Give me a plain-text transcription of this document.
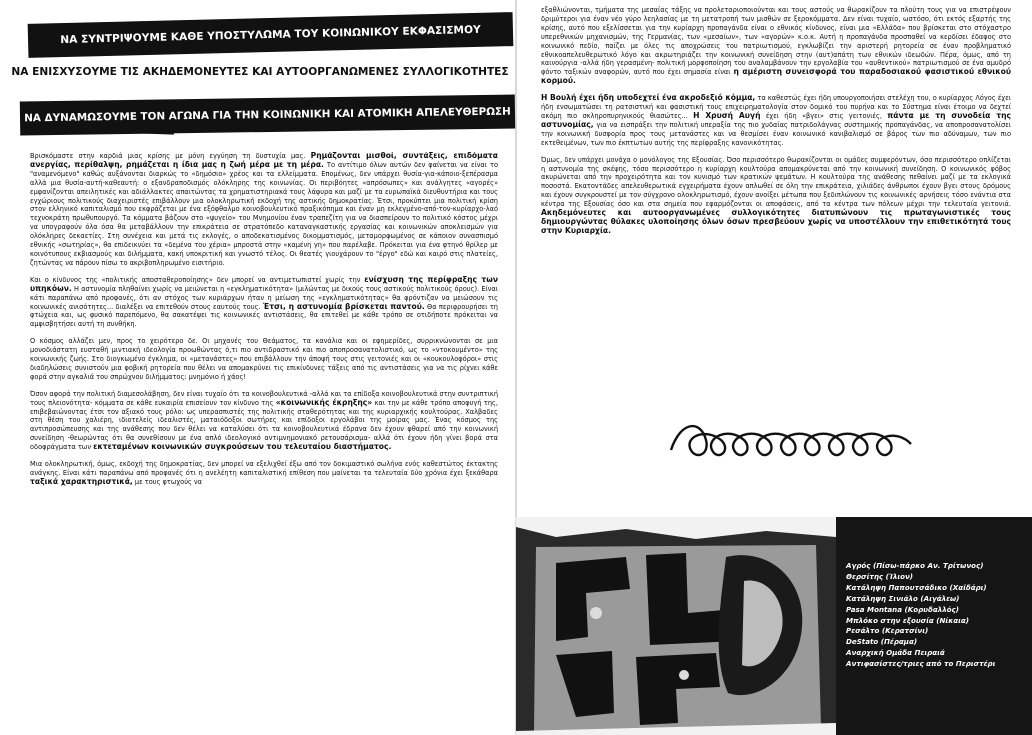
ΝΑ ΣΥΝΤΡΙΨΟΥΜΕ ΚΑΘΕ ΥΠΟΣΤΥΛΩΜΑ ΤΟΥ ΚΟΙΝΩΝΙΚΟΥ ΕΚΦΑΣΙΣΜΟΥ
ΝΑ ΕΝΙΣΧΥΣΟΥΜΕ ΤΙΣ ΑΚΗΔΕΜΟΝΕΥΤΕΣ ΚΑΙ ΑΥΤΟΟΡΓΑΝΩΜΕΝΕΣ ΣΥΛΛΟΓΙΚΟΤΗΤΕΣ
ΝΑ ΔΥΝΑΜΩΣΟΥΜΕ ΤΟΝ ΑΓΩΝΑ ΓΙΑ ΤΗΝ ΚΟΙΝΩΝΙΚΗ ΚΑΙ ΑΤΟΜΙΚΗ ΑΠΕΛΕΥΘΕΡΩΣΗ

Βρισκόμαστε στην καρδιά μιας κρίσης με μόνη εγγύηση τη δυστυχία μας. Ρημάζονται μισθοί, συντάξεις, επιδόματα ανεργίας, περίθαλψη, ρημάζεται η ίδια μας η ζωή μέρα με τη μέρα. Το αντίτιμο όλων αυτών δεν φαίνεται να είναι το "αναμενόμενο" καθώς αυξάνονται διαρκώς το «δημόσιο» χρέος και τα ελλείμματα. Επομένως, δεν υπάρχει θυσία-για-κάποιο-ξεπέρασμα αλλά μια θυσία-αυτή-καθεαυτή: ο εξανδραποδισμός ολόκληρης της κοινωνίας. Οι περιβόητες «απρόσωπες» και ανάλγητες «αγορές» εμφανίζονται απειλητικές και αδιάλλακτες απαιτώντας τα χρηματιστηριακά τους λάφυρα και μαζί με τα ευρωπαϊκά διευθυντήρια και τους εγχώριους πολιτικούς διαχειριστές επιβάλλουν μια ολοκληρωτική εκδοχή της αστικής δημοκρατίας. Έτσι, προκύπτει μια πολιτική κρίση στον ελληνικό καπιταλισμό που εκφράζεται με ένα εξόφθαλμο κοινοβουλευτικό πραξικόπημα και έναν μη εκλεγμένο-από-τον-κυρίαρχο-λαό τεχνοκράτη πρωθυπουργό. Τα κόμματα βάζουν στο «ψυγείο» του Μνημονίου έναν τραπεζίτη για να διασπείρουν το πολιτικό κόστος μέχρι να υπογραφούν όλα όσα θα μεταβάλλουν την επικράτεια σε στρατόπεδο καταναγκαστικής εργασίας και κοινωνικών αποκλεισμών για ολόκληρες δεκαετίες. Στη συνέχεια και μετά τις εκλογές, ο αποδεκατισμένος δικομματισμός, μεταμορφωμένος σε κάποιον συνασπισμό εθνικής «σωτηρίας», θα επιδεικνύει τα «δεμένα του χέρια» μπροστά στην «καμένη γη» που παρέλαβε. Πρόκειται για ένα φτηνό θρίλερ με κοινότυπους εκβιασμούς και διλήμματα, κακή υποκριτική και γνωστό τέλος. Οι θεατές γιουχάρουν το "έργο" εδώ και καιρό στις πλατείες, ζητώντας να πάρουν πίσω το ακριβοπληρωμένο εισιτήριο.

Και ο κίνδυνος της «πολιτικής αποσταθεροποίησης» δεν μπορεί να αντιμετωπιστεί χωρίς την ενίσχυση της περίφραξης των υπηκόων. Η αστυνομία πληθαίνει χωρίς να μειώνεται η «εγκληματικότητα» (μιλώντας με δικούς τους αστικούς πολιτικούς όρους). Είναι κάτι παραπάνω από προφανές, ότι αν στόχος των κυριάρχων ήταν η μείωση της «εγκληματικότητας» θα φρόντιζαν να μειώσουν τις κοινωνικές ανισότητες... διαλέξει να επιτεθούν στους εαυτούς τους. Έτσι, η αστυνομία βρίσκεται παντού. Θα περιφρουρήσει τη φτώχεια και, ως φυσικό παρεπόμενο, θα σακατέψει τις κοινωνικές αντιστάσεις, θα επιτεθεί με κάθε τρόπο σε οτιδήποτε πρόκειται να αμφισβητήσει αυτή τη συνθήκη.

Ο κόσμος αλλάζει μεν, προς το χειρότερο δε. Οι μηχανές του Θεάματος, τα κανάλια και οι εφημερίδες, συρρικνώνονται σε μια μονοδιάστατη ευσταθή μιντιακή ιδεολογία προωθώντας ό,τι πιο αντιδραστικό και πιο αποπροσανατολιστικό, ως το «ντοκουμέντο» της κοινωνικής ζωής. Στο διογκωμένο έγκλημα, οι «μετανάστες» που επιβάλλουν την άποψή τους στις γειτονιές και οι «κουκουλοφόροι» στις διαδηλώσεις συνιστούν μια φοβική ρητορεία που θέλει να απομακρύνει τις επικίνδυνες τάξεις από τις αντιστάσεις για να τις ρίχνει κάθε φορά στην αγκαλιά του σπρώχνου διλήμματος: μνημόνιο ή χάος!

Όσον αφορά την πολιτική διαμεσολάβηση, δεν είναι τυχαίο ότι τα κοινοβουλευτικά -αλλά και τα επίδοξα κοινοβουλευτικά στην συντριπτική τους πλειονότητα- κόμματα σε κάθε ευκαιρία επισείουν τον κίνδυνο της «κοινωνικής έκρηξης» και την με κάθε τρόπο αποφυγή της, επιβεβαιώνοντας έτσι τον αξιακό τους ρόλο: ως υπερασπιστές της πολιτικής σταθερότητας και της κυριαρχικής κουλτούρας. Χαλβαδες στη θέση του χαλιέρη, ιδιοτελείς ιδεαλιστές, ματαιόδοξοι σωτήρες και επίδοξοι εργολάβοι της μοίρας μας. Ένας κόσμος της αντιπροσώπευσης και της ανάθεσης που δεν θέλει να καταλύσει ότι τα κοινοβουλευτικά έδρανα δεν έχουν φθαρεί από την κοινωνική συνείδηση -θεωρώντας ότι θα συνεθίσουν με ένα απλό ιδεολογικό αντιμνημονιακό ρετουσάρισμα- αλλά ότι έχουν ήδη γίνει βορά στα οδοφράγματα των εκτεταμένων κοινωνικών συγκρούσεων του τελευταίου διαστήματος.

Μια ολοκληρωτική, όμως, εκδοχή της δημοκρατίας, δεν μπορεί να εξελιχθεί έξω από τον δοκιμαστικό σωλήνα ενός καθεστώτος έκτακτης ανάγκης. Είναι κάτι παραπάνω από προφανές ότι η ανελέητη καπιταλιστική επίθεση που μαίνεται τα τελευταία δύο χρόνια έχει ξεκάθαρα ταξικά χαρακτηριστικά, με τους φτωχούς να

εξαθλιώνονται, τμήματα της μεσαίας τάξης να προλεταριοποιούνται και τους αστούς να θωρακίζουν τα πλούτη τους για να επιστρέψουν δριμύτεροι για έναν νέο γύρο λεηλασίας με τη μετατροπή των μισθών σε ξεροκόμματα. Δεν είναι τυχαίο, ωστόσο, ότι εκτός εξαρτής της κρίσης, αυτό που εξελίσσεται για την κυρίαρχη προπαγάνδα είναι ο εθνικός κίνδυνος, είναι μια «Ελλάδα» που βρίσκεται στο στόχαστρο υπερεθνικών μηχανισμών, της Γερμανίας, των «μεσαίων», των «αγορών» κ.ο.κ. Αυτή η προπαγάνδα προσπαθεί να κερδίσει έδαφος στο κοινωνικό πεδίο, παίζει με όλες τις αποχρώσεις του πατριωτισμού, εγκλωβίζει την αριστερή ρητορεία σε έναν προβληματικό εθνικοαπελευθερωτικό λόγο και ακρωτηριάζει την κοινωνική συνείδηση στην (αυτ)απάτη των εθνικών ιδεωδών. Πέρα, όμως, από τη καινούργια -αλλά ήδη γερασμένη- πολιτική μορφοποίηση του αναλαμβάνουν την εργολαβία του «αυθεντικού» πατριωτισμού σε ένα αμυδρό φόντο ταξικών αναφορών, αυτό που έχει σημασία είναι η αμέριστη συνεισφορά του παραδοσιακού φασιστικού εθνικού κορμού.

Η Βουλή έχει ήδη υποδεχτεί ένα ακροδεξιό κόμμα, τα καθεστώς έχει ήδη υπουργοποιήσει στελέχη του, ο κυρίαρχος Λόγος έχει ήδη ενσωματώσει τη ρατσιστική και φασιστική τους επιχειρηματολογία στον δομικό του πυρήνα και το Σύστημα είναι έτοιμο να δεχτεί ακόμη πιο σκληροπυρηνικούς θιασώτες... Η Χρυσή Αυγή έχει ήδη «βγει» στις γειτονιές, πάντα με τη συνοδεία της αστυνομίας, για να εισπράξει την πολιτική υπεραξία της πιο χυδαίας πατριδολάγνας συστημικής προπαγάνδας, να αποπροσανατολίσει την κοινωνική δυσφορία προς τους μετανάστες και να θεσμίσει έναν κοινωνικό κανιβαλισμό σε βάρος των πιο αδύναμων, των πιο εκτεθειμένων, των πιο έκπτωτων αυτής της περίφραξης κανονικότητας.

Όμως, δεν υπάρχει μονάχα ο μονόλογος της Εξουσίας. Όσο περισσότερο θωρακίζονται οι ομάδες συμφερόντων, όσο περισσότερο οπλίζεται η αστυνομία της σκέψης, τόσο περισσότερο η κυρίαρχη κουλτούρα απομακρύνεται από την κοινωνική συνείδηση. Ο κοινωνικός φόβος ακυρώνεται από την προχειρότητα και τον κυνισμό των κρατικών ψεμάτων. Η κουλτούρα της ανάθεσης πεθαίνει μαζί με τα εκλογικά ποσοστά. Εκατοντάδες απελευθερωτικά εγχειρήματα έχουν απλωθεί σε όλη την επικράτεια, χιλιάδες άνθρωποι έχουν βγει στους δρόμους και έχουν συγκρουστεί με τον σύγχρονο ολοκληρωτισμό, έχουν ανοίξει μέτωπα που ξεδιπλώνουν τις κοινωνικές αρνήσεις τόσο ενάντια στα κέντρα της Εξουσίας όσο και στα σημεία που εφαρμόζονται οι αποφάσεις, από τα κέντρα των πόλεων μέχρι την τελευταία γειτονιά. Ακηδεμόνευτες και αυτοοργανωμένες συλλογικότητες διατυπώνουν τις πρωταγωνιστικές τους δημιουργώντας θύλακες υλοποίησης όλων όσων πρεσβεύουν χωρίς να υποστέλλουν την επιθετικότητά τους στην Κυριαρχία.

Αγρός (Πίσω-πάρκο Αν. Τρίτωνος)
Θερσίτης (Ίλιον)
Κατάληψη Παπουτσάδικο (Χαϊδάρι)
Κατάληψη Σινιάλο (Αιγάλεω)
Pasa Montana (Κορυδαλλός)
Μπλόκο στην εξουσία (Νίκαια)
Ρεσάλτο (Κερατσίνι)
DeStato (Πέραμα)
Αναρχική Ομάδα Πειραιά
Αντιφασίστες/τριες από το Περιστέρι
